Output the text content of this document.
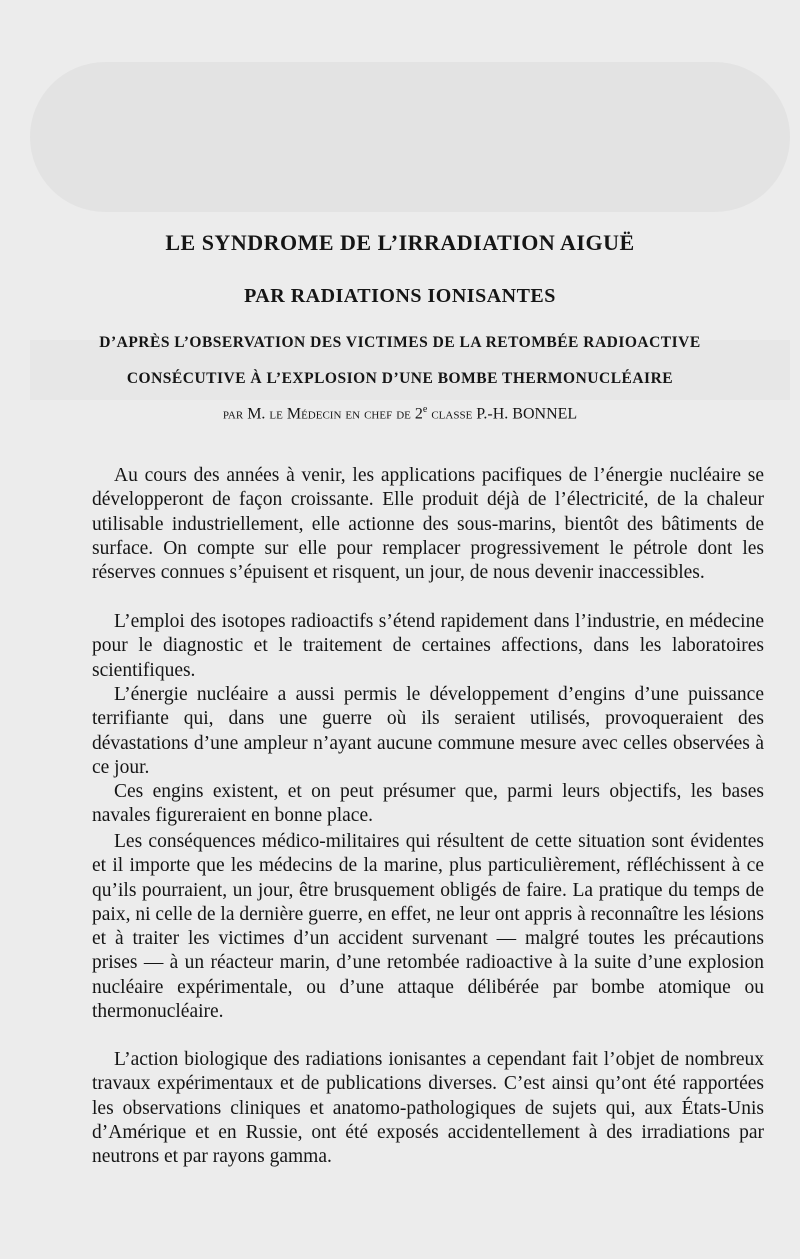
LE SYNDROME DE L’IRRADIATION AIGUË
PAR RADIATIONS IONISANTES
D’APRÈS L’OBSERVATION DES VICTIMES DE LA RETOMBÉE RADIOACTIVE
CONSÉCUTIVE À L’EXPLOSION D’UNE BOMBE THERMONUCLÉAIRE
par M. le Médecin en chef de 2e classe P.-H. BONNEL

Au cours des années à venir, les applications pacifiques de l’énergie nucléaire se développeront de façon croissante. Elle produit déjà de l’électricité, de la chaleur utilisable industriellement, elle actionne des sous-marins, bientôt des bâtiments de surface. On compte sur elle pour remplacer progressivement le pétrole dont les réserves connues s’épuisent et risquent, un jour, de nous devenir inaccessibles.

L’emploi des isotopes radioactifs s’étend rapidement dans l’industrie, en médecine pour le diagnostic et le traitement de certaines affections, dans les laboratoires scientifiques.

L’énergie nucléaire a aussi permis le développement d’engins d’une puissance terrifiante qui, dans une guerre où ils seraient utilisés, provoqueraient des dévastations d’une ampleur n’ayant aucune commune mesure avec celles observées à ce jour.

Ces engins existent, et on peut présumer que, parmi leurs objectifs, les bases navales figureraient en bonne place.

Les conséquences médico-militaires qui résultent de cette situation sont évidentes et il importe que les médecins de la marine, plus particulièrement, réfléchissent à ce qu’ils pourraient, un jour, être brusquement obligés de faire. La pratique du temps de paix, ni celle de la dernière guerre, en effet, ne leur ont appris à reconnaître les lésions et à traiter les victimes d’un accident survenant — malgré toutes les précautions prises — à un réacteur marin, d’une retombée radioactive à la suite d’une explosion nucléaire expérimentale, ou d’une attaque délibérée par bombe atomique ou thermonucléaire.

L’action biologique des radiations ionisantes a cependant fait l’objet de nombreux travaux expérimentaux et de publications diverses. C’est ainsi qu’ont été rapportées les observations cliniques et anatomo-pathologiques de sujets qui, aux États-Unis d’Amérique et en Russie, ont été exposés accidentellement à des irradiations par neutrons et par rayons gamma.
